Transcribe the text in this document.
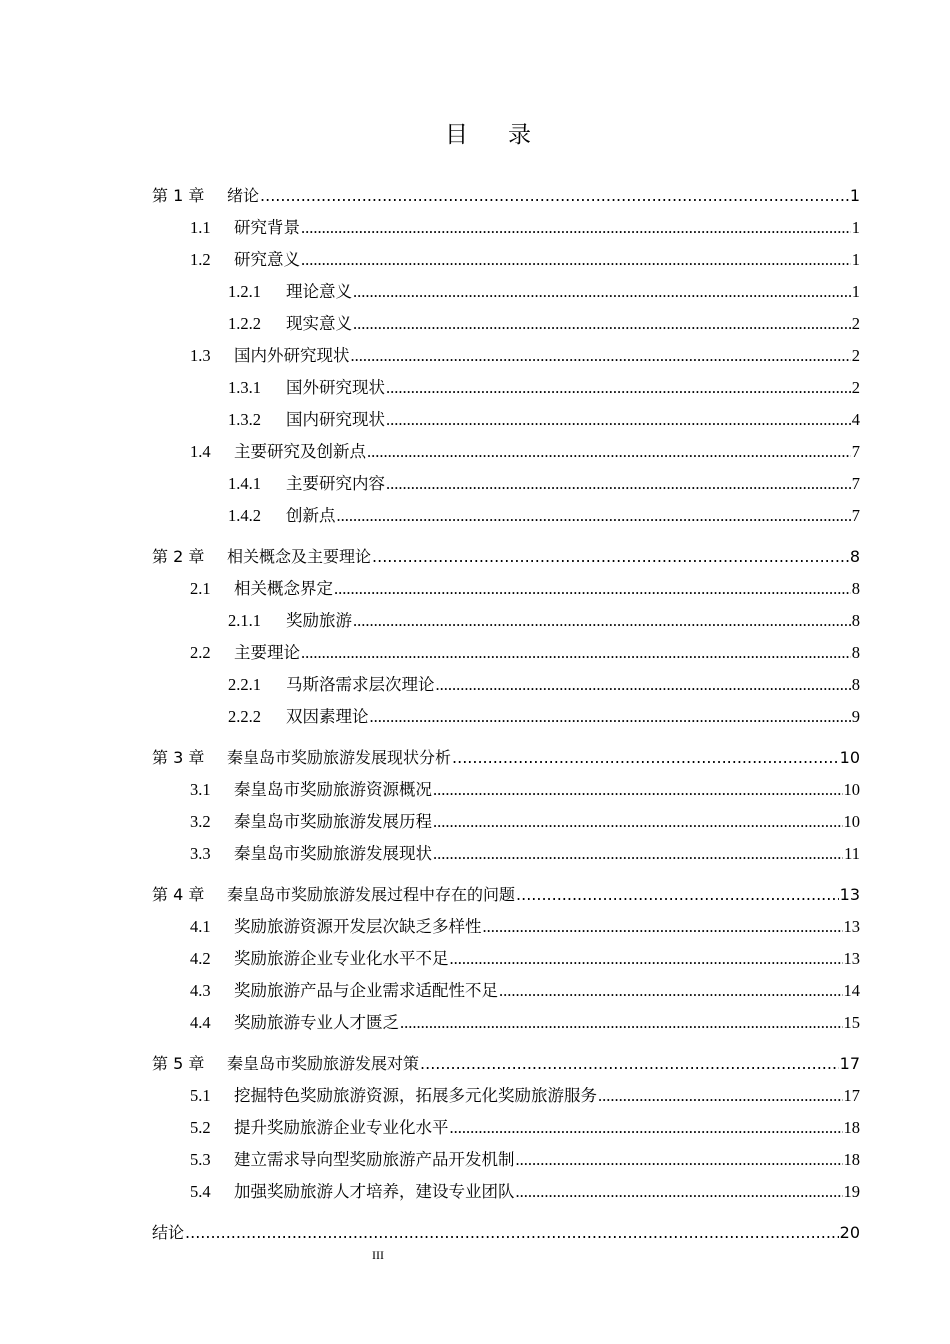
目 录
第 1 章	绪论 .....	1
1.1	研究背景 .....	1
1.2	研究意义 .....	1
1.2.1	理论意义 .....	1
1.2.2	现实意义 .....	2
1.3	国内外研究现状 .....	2
1.3.1	国外研究现状 .....	2
1.3.2	国内研究现状 .....	4
1.4	主要研究及创新点 .....	7
1.4.1	主要研究内容 .....	7
1.4.2	创新点 .....	7
第 2 章	相关概念及主要理论 .....	8
2.1	相关概念界定 .....	8
2.1.1	奖励旅游 .....	8
2.2	主要理论 .....	8
2.2.1	马斯洛需求层次理论 .....	8
2.2.2	双因素理论 .....	9
第 3 章	秦皇岛市奖励旅游发展现状分析 .....	10
3.1	秦皇岛市奖励旅游资源概况 .....	10
3.2	秦皇岛市奖励旅游发展历程 .....	10
3.3	秦皇岛市奖励旅游发展现状 .....	11
第 4 章	秦皇岛市奖励旅游发展过程中存在的问题 .....	13
4.1	奖励旅游资源开发层次缺乏多样性 .....	13
4.2	奖励旅游企业专业化水平不足 .....	13
4.3	奖励旅游产品与企业需求适配性不足 .....	14
4.4	奖励旅游专业人才匮乏 .....	15
第 5 章	秦皇岛市奖励旅游发展对策 .....	17
5.1	挖掘特色奖励旅游资源，拓展多元化奖励旅游服务 .....	17
5.2	提升奖励旅游企业专业化水平 .....	18
5.3	建立需求导向型奖励旅游产品开发机制 .....	18
5.4	加强奖励旅游人才培养，建设专业团队 .....	19
结论 .....	20
III
